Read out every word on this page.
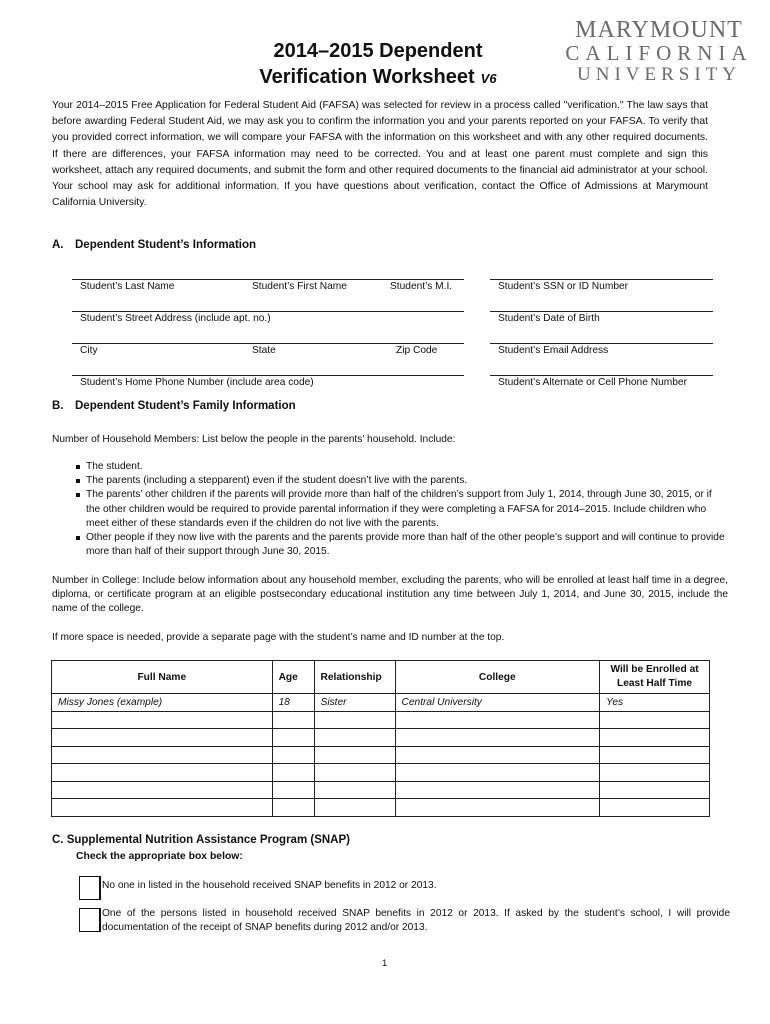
2014–2015 Dependent
Verification Worksheet V6
MARYMOUNT
CALIFORNIA
UNIVERSITY
Your 2014–2015 Free Application for Federal Student Aid (FAFSA) was selected for review in a process called "verification." The law says that before awarding Federal Student Aid, we may ask you to confirm the information you and your parents reported on your FAFSA. To verify that you provided correct information, we will compare your FAFSA with the information on this worksheet and with any other required documents. If there are differences, your FAFSA information may need to be corrected. You and at least one parent must complete and sign this worksheet, attach any required documents, and submit the form and other required documents to the financial aid administrator at your school. Your school may ask for additional information. If you have questions about verification, contact the Office of Admissions at Marymount California University.
A. Dependent Student’s Information
Student’s Last Name	Student’s First Name	Student’s M.I.	Student’s SSN or ID Number
Student’s Street Address (include apt. no.)	Student’s Date of Birth
City	State	Zip Code	Student’s Email Address
Student’s Home Phone Number (include area code)	Student’s Alternate or Cell Phone Number
B. Dependent Student’s Family Information
Number of Household Members: List below the people in the parents’ household. Include:
The student.
The parents (including a stepparent) even if the student doesn’t live with the parents.
The parents’ other children if the parents will provide more than half of the children’s support from July 1, 2014, through June 30, 2015, or if the other children would be required to provide parental information if they were completing a FAFSA for 2014–2015. Include children who meet either of these standards even if the children do not live with the parents.
Other people if they now live with the parents and the parents provide more than half of the other people’s support and will continue to provide more than half of their support through June 30, 2015.
Number in College: Include below information about any household member, excluding the parents, who will be enrolled at least half time in a degree, diploma, or certificate program at an eligible postsecondary educational institution any time between July 1, 2014, and June 30, 2015, include the name of the college.
If more space is needed, provide a separate page with the student’s name and ID number at the top.
Full Name	Age	Relationship	College	Will be Enrolled at Least Half Time
Missy Jones (example)	18	Sister	Central University	Yes

C. Supplemental Nutrition Assistance Program (SNAP)
Check the appropriate box below:
No one in listed in the household received SNAP benefits in 2012 or 2013.
One of the persons listed in household received SNAP benefits in 2012 or 2013. If asked by the student’s school, I will provide documentation of the receipt of SNAP benefits during 2012 and/or 2013.
1
